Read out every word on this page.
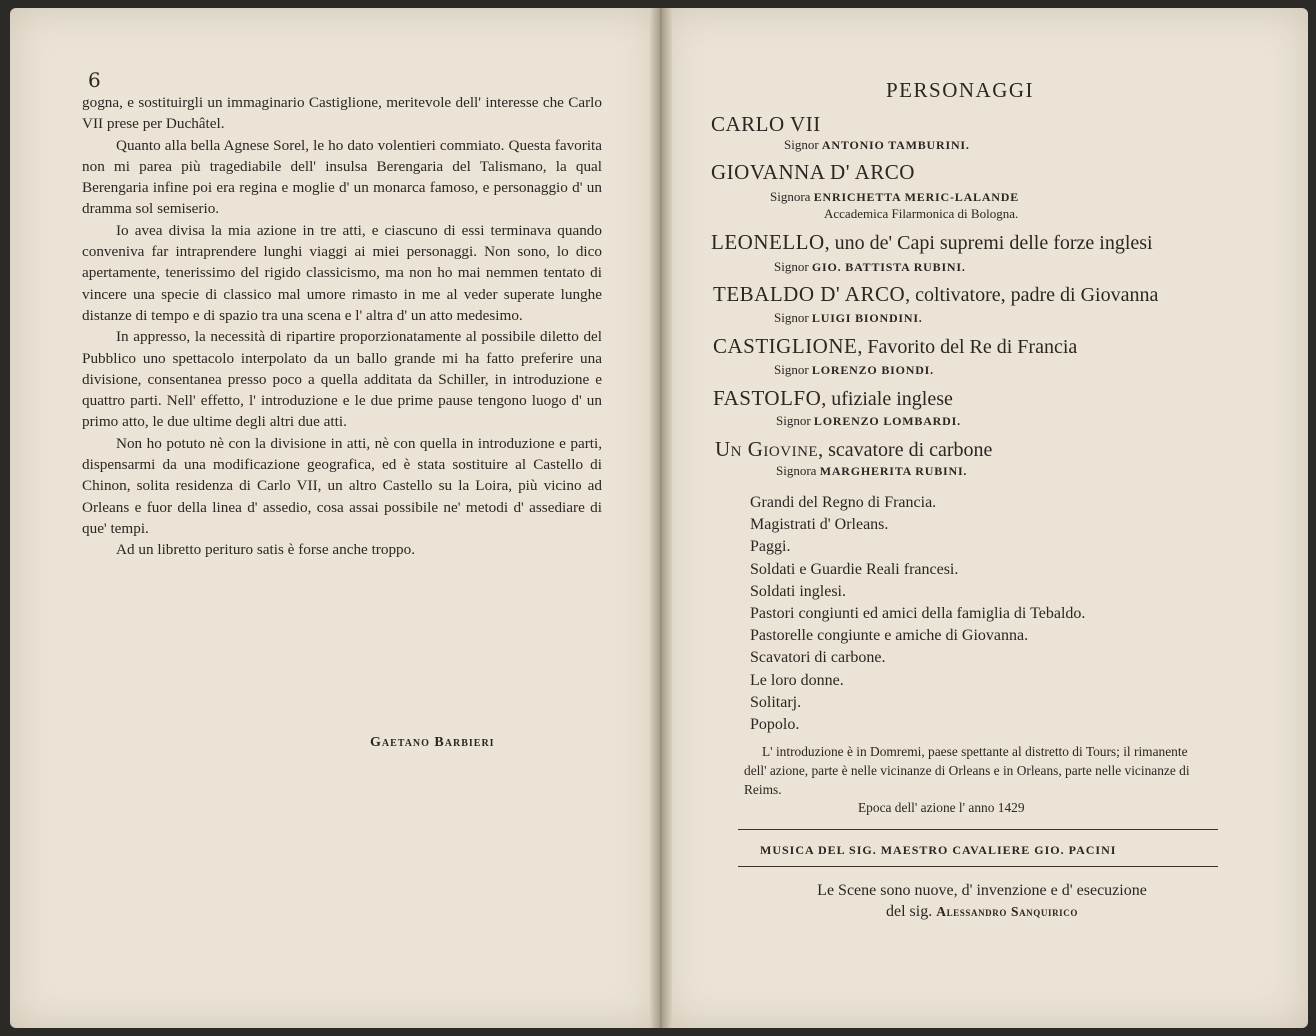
6

gogna, e sostituirgli un immaginario Castiglione, meritevole dell' interesse che Carlo VII prese per Duchâtel.

Quanto alla bella Agnese Sorel, le ho dato volentieri commiato. Questa favorita non mi parea più tragediabile dell' insulsa Berengaria del Talismano, la qual Berengaria infine poi era regina e moglie d' un monarca famoso, e personaggio d' un dramma sol semiserio.

Io avea divisa la mia azione in tre atti, e ciascuno di essi terminava quando conveniva far intraprendere lunghi viaggi ai miei personaggi. Non sono, lo dico apertamente, tenerissimo del rigido classicismo, ma non ho mai nemmen tentato di vincere una specie di classico mal umore rimasto in me al veder superate lunghe distanze di tempo e di spazio tra una scena e l' altra d' un atto medesimo.

In appresso, la necessità di ripartire proporzionatamente al possibile diletto del Pubblico uno spettacolo interpolato da un ballo grande mi ha fatto preferire una divisione, consentanea presso poco a quella additata da Schiller, in introduzione e quattro parti. Nell' effetto, l' introduzione e le due prime pause tengono luogo d' un primo atto, le due ultime degli altri due atti.

Non ho potuto nè con la divisione in atti, nè con quella in introduzione e parti, dispensarmi da una modificazione geografica, ed è stata sostituire al Castello di Chinon, solita residenza di Carlo VII, un altro Castello su la Loira, più vicino ad Orleans e fuor della linea d' assedio, cosa assai possibile ne' metodi d' assediare di que' tempi.

Ad un libretto perituro satis è forse anche troppo.

Gaetano Barbieri
PERSONAGGI
CARLO VII
Signor ANTONIO TAMBURINI.
GIOVANNA D' ARCO
Signora ENRICHETTA MERIC-LALANDE
Accademica Filarmonica di Bologna.
LEONELLO, uno de' Capi supremi delle forze inglesi
Signor GIO. BATTISTA RUBINI.
TEBALDO D' ARCO, coltivatore, padre di Giovanna
Signor LUIGI BIONDINI.
CASTIGLIONE, Favorito del Re di Francia
Signor LORENZO BIONDI.
FASTOLFO, ufiziale inglese
Signor LORENZO LOMBARDI.
Un Giovine, scavatore di carbone
Signora MARGHERITA RUBINI.
Grandi del Regno di Francia.
Magistrati d' Orleans.
Paggi.
Soldati e Guardie Reali francesi.
Soldati inglesi.
Pastori congiunti ed amici della famiglia di Tebaldo.
Pastorelle congiunte e amiche di Giovanna.
Scavatori di carbone.
Le loro donne.
Solitarj.
Popolo.

L' introduzione è in Domremi, paese spettante al distretto di Tours; il rimanente dell' azione, parte è nelle vicinanze di Orleans e in Orleans, parte nelle vicinanze di Reims.

Epoca dell' azione l' anno 1429
MUSICA DEL SIG. MAESTRO CAVALIERE GIO. PACINI
Le Scene sono nuove, d' invenzione e d' esecuzione
del sig. Alessandro Sanquirico
